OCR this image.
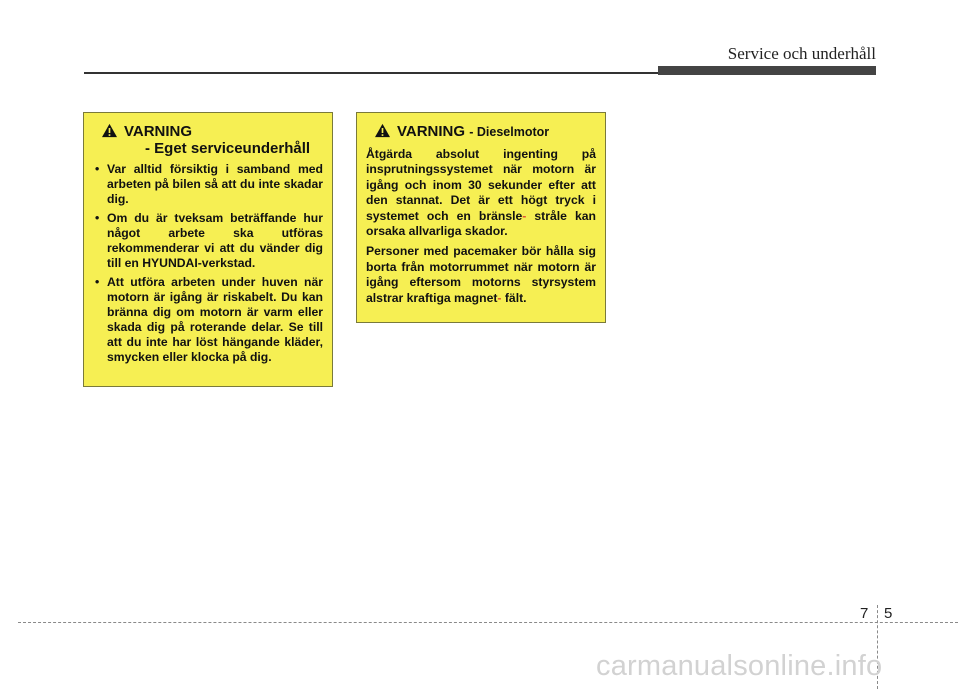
Service och underhåll
VARNING
- Eget serviceunderhåll
• Var alltid försiktig i samband med arbeten på bilen så att du inte skadar dig.
• Om du är tveksam beträffande hur något arbete ska utföras rekommenderar vi att du vänder dig till en HYUNDAI-verkstad.
• Att utföra arbeten under huven när motorn är igång är riskabelt. Du kan bränna dig om motorn är varm eller skada dig på roterande delar. Se till att du inte har löst hängande kläder, smycken eller klocka på dig.
VARNING - Dieselmotor

Åtgärda absolut ingenting på insprutningssystemet när motorn är igång och inom 30 sekunder efter att den stannat. Det är ett högt tryck i systemet och en bränsle- stråle kan orsaka allvarliga skador.

Personer med pacemaker bör hålla sig borta från motorrummet när motorn är igång eftersom motorns styrsystem alstrar kraftiga magnet- fält.

7 5
carmanualsonline.info
